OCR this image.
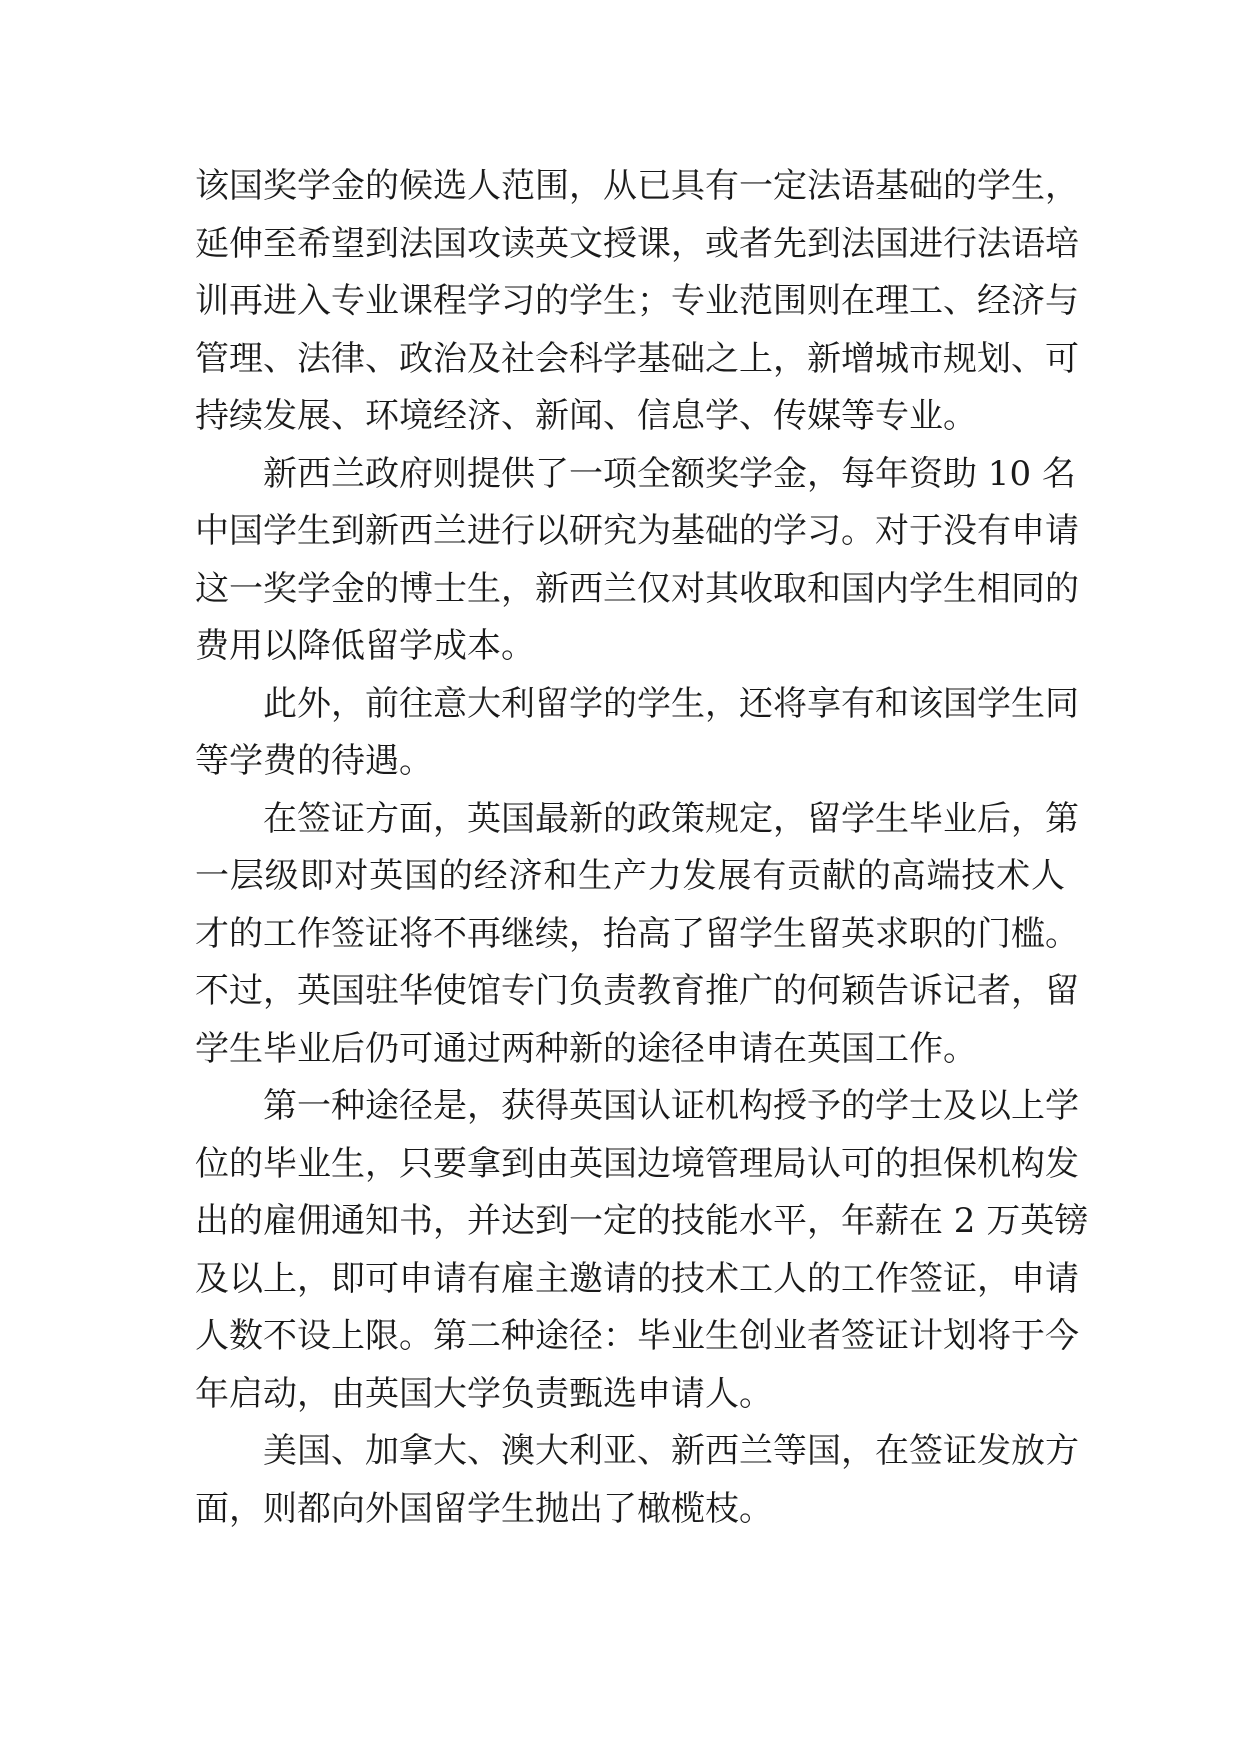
该国奖学金的候选人范围，从已具有一定法语基础的学生，
延伸至希望到法国攻读英文授课，或者先到法国进行法语培
训再进入专业课程学习的学生；专业范围则在理工、经济与
管理、法律、政治及社会科学基础之上，新增城市规划、可
持续发展、环境经济、新闻、信息学、传媒等专业。
新西兰政府则提供了一项全额奖学金，每年资助 10 名
中国学生到新西兰进行以研究为基础的学习。对于没有申请
这一奖学金的博士生，新西兰仅对其收取和国内学生相同的
费用以降低留学成本。
此外，前往意大利留学的学生，还将享有和该国学生同
等学费的待遇。
在签证方面，英国最新的政策规定，留学生毕业后，第
一层级即对英国的经济和生产力发展有贡献的高端技术人
才的工作签证将不再继续，抬高了留学生留英求职的门槛。
不过，英国驻华使馆专门负责教育推广的何颖告诉记者，留
学生毕业后仍可通过两种新的途径申请在英国工作。
第一种途径是，获得英国认证机构授予的学士及以上学
位的毕业生，只要拿到由英国边境管理局认可的担保机构发
出的雇佣通知书，并达到一定的技能水平，年薪在 2 万英镑
及以上，即可申请有雇主邀请的技术工人的工作签证，申请
人数不设上限。第二种途径：毕业生创业者签证计划将于今
年启动，由英国大学负责甄选申请人。
美国、加拿大、澳大利亚、新西兰等国，在签证发放方
面，则都向外国留学生抛出了橄榄枝。
